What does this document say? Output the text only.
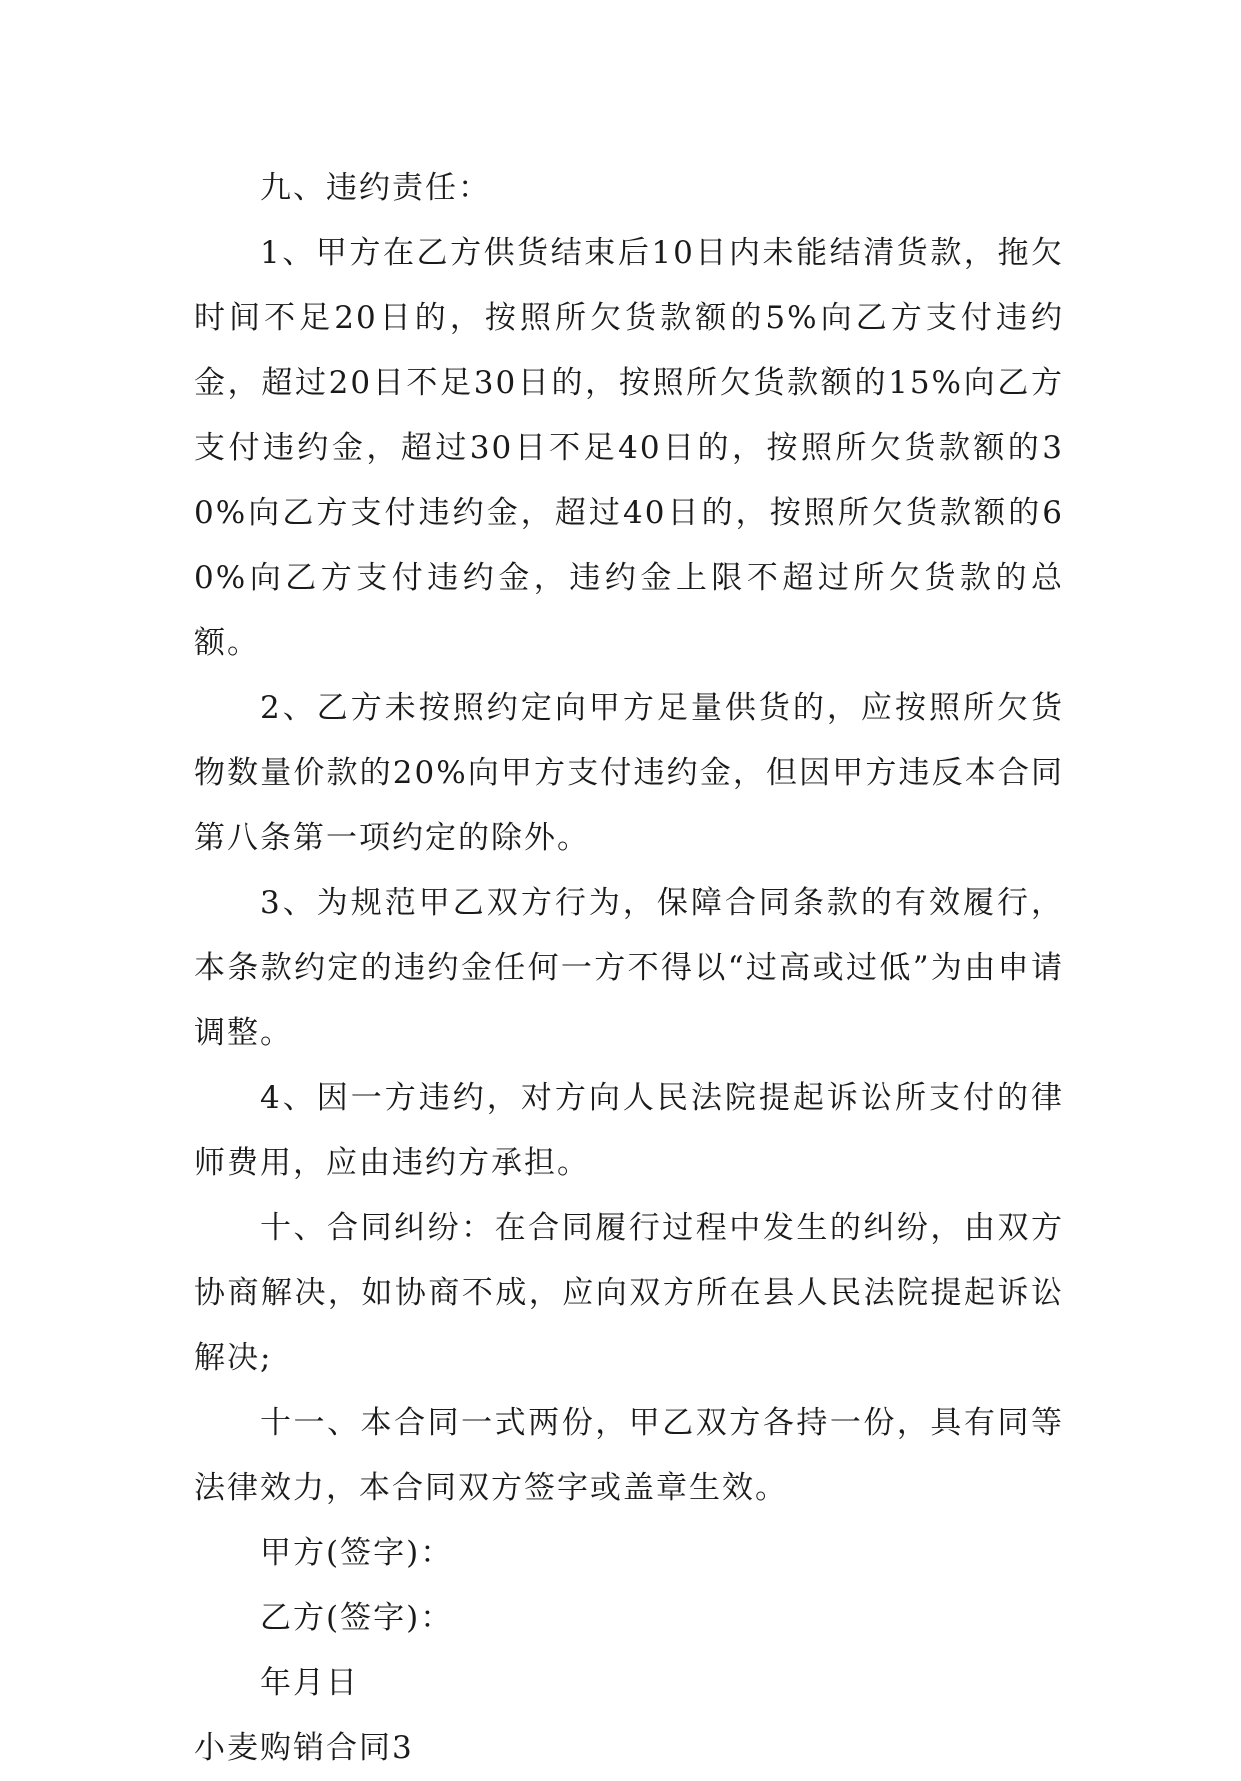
九、违约责任：

1、甲方在乙方供货结束后10日内未能结清货款，拖欠时间不足20日的，按照所欠货款额的5%向乙方支付违约金，超过20日不足30日的，按照所欠货款额的15%向乙方支付违约金，超过30日不足40日的，按照所欠货款额的30%向乙方支付违约金，超过40日的，按照所欠货款额的60%向乙方支付违约金，违约金上限不超过所欠货款的总额。

2、乙方未按照约定向甲方足量供货的，应按照所欠货物数量价款的20%向甲方支付违约金，但因甲方违反本合同第八条第一项约定的除外。

3、为规范甲乙双方行为，保障合同条款的有效履行，本条款约定的违约金任何一方不得以“过高或过低”为由申请调整。

4、因一方违约，对方向人民法院提起诉讼所支付的律师费用，应由违约方承担。

十、合同纠纷：在合同履行过程中发生的纠纷，由双方协商解决，如协商不成，应向双方所在县人民法院提起诉讼解决;

十一、本合同一式两份，甲乙双方各持一份，具有同等法律效力，本合同双方签字或盖章生效。

甲方(签字)：

乙方(签字)：

年月日

小麦购销合同3
